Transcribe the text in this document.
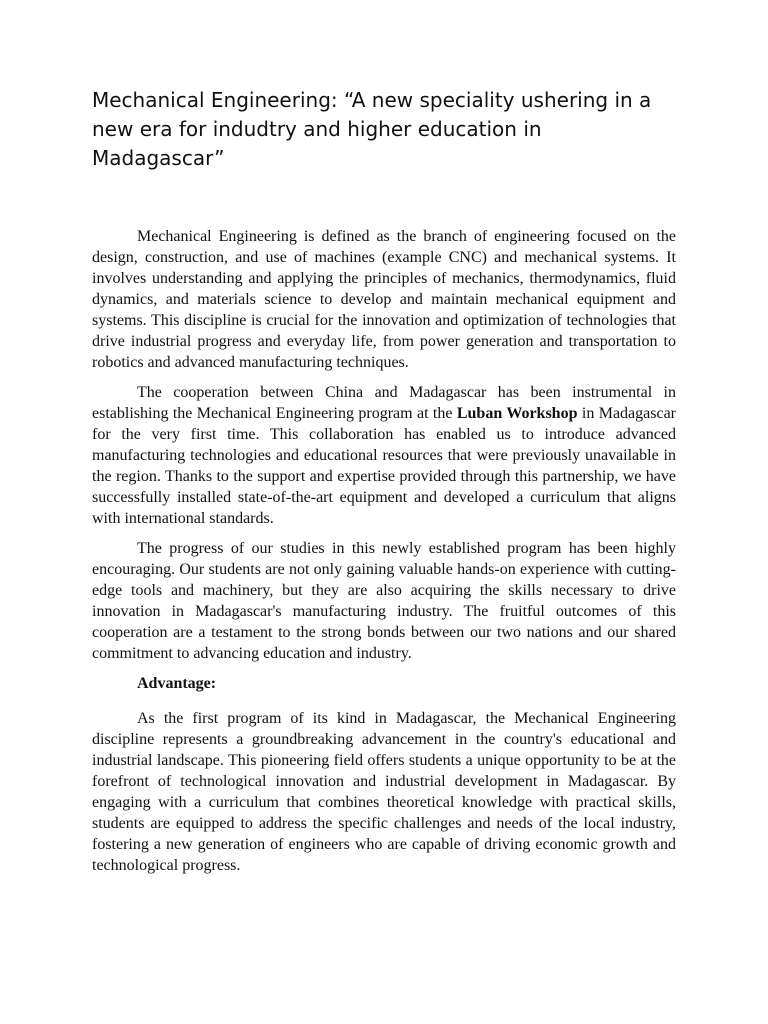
Mechanical Engineering: “A new speciality ushering in a new era for indudtry and higher education in Madagascar”

Mechanical Engineering is defined as the branch of engineering focused on the design, construction, and use of machines (example CNC) and mechanical systems. It involves understanding and applying the principles of mechanics, thermodynamics, fluid dynamics, and materials science to develop and maintain mechanical equipment and systems. This discipline is crucial for the innovation and optimization of technologies that drive industrial progress and everyday life, from power generation and transportation to robotics and advanced manufacturing techniques.

The cooperation between China and Madagascar has been instrumental in establishing the Mechanical Engineering program at the Luban Workshop in Madagascar for the very first time. This collaboration has enabled us to introduce advanced manufacturing technologies and educational resources that were previously unavailable in the region. Thanks to the support and expertise provided through this partnership, we have successfully installed state-of-the-art equipment and developed a curriculum that aligns with international standards.

The progress of our studies in this newly established program has been highly encouraging. Our students are not only gaining valuable hands-on experience with cutting-edge tools and machinery, but they are also acquiring the skills necessary to drive innovation in Madagascar's manufacturing industry. The fruitful outcomes of this cooperation are a testament to the strong bonds between our two nations and our shared commitment to advancing education and industry.

Advantage:

As the first program of its kind in Madagascar, the Mechanical Engineering discipline represents a groundbreaking advancement in the country's educational and industrial landscape. This pioneering field offers students a unique opportunity to be at the forefront of technological innovation and industrial development in Madagascar. By engaging with a curriculum that combines theoretical knowledge with practical skills, students are equipped to address the specific challenges and needs of the local industry, fostering a new generation of engineers who are capable of driving economic growth and technological progress.
